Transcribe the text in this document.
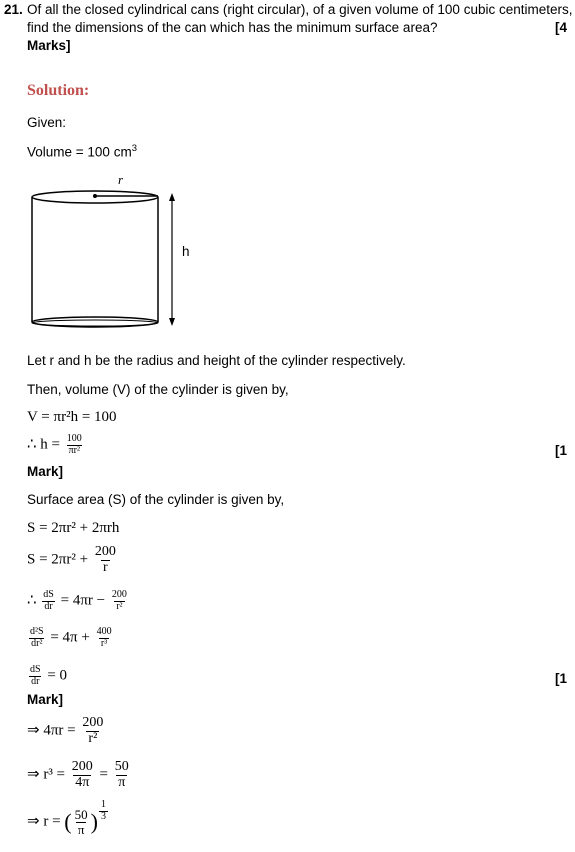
21. Of all the closed cylindrical cans (right circular), of a given volume of 100 cubic centimeters,
find the dimensions of the can which has the minimum surface area?	[4
Marks]
Solution:
Given:
Volume = 100 $cm^3$
r
h
Let r and h be the radius and height of the cylinder respectively.
Then, volume (V) of the cylinder is given by,
V = πr²h = 100
∴ $h = \frac{100}{\text{πr²}}$	[1
Mark]
Surface area (S) of the cylinder is given by,
S = 2πr² + 2πrh
$S = 2\pi r^2 + \frac{200}{r}$
∴ $\frac{dS}{dr} = 4\pi r - \frac{200}{\text{r²}}$
$\frac{\text{d²S}}{\text{dr²}} = 4\pi + \frac{400}{\text{r³}}$
$\frac{dS}{dr} = 0$	[1
Mark]
⇒ $4\pi r = \frac{200}{\text{r²}}$
⇒ $r^3 = \frac{200}{4\pi} = \frac{50}{\pi}$
⇒ r = ( $\frac{50}{\pi}$ ) $\frac{1}{3}$
